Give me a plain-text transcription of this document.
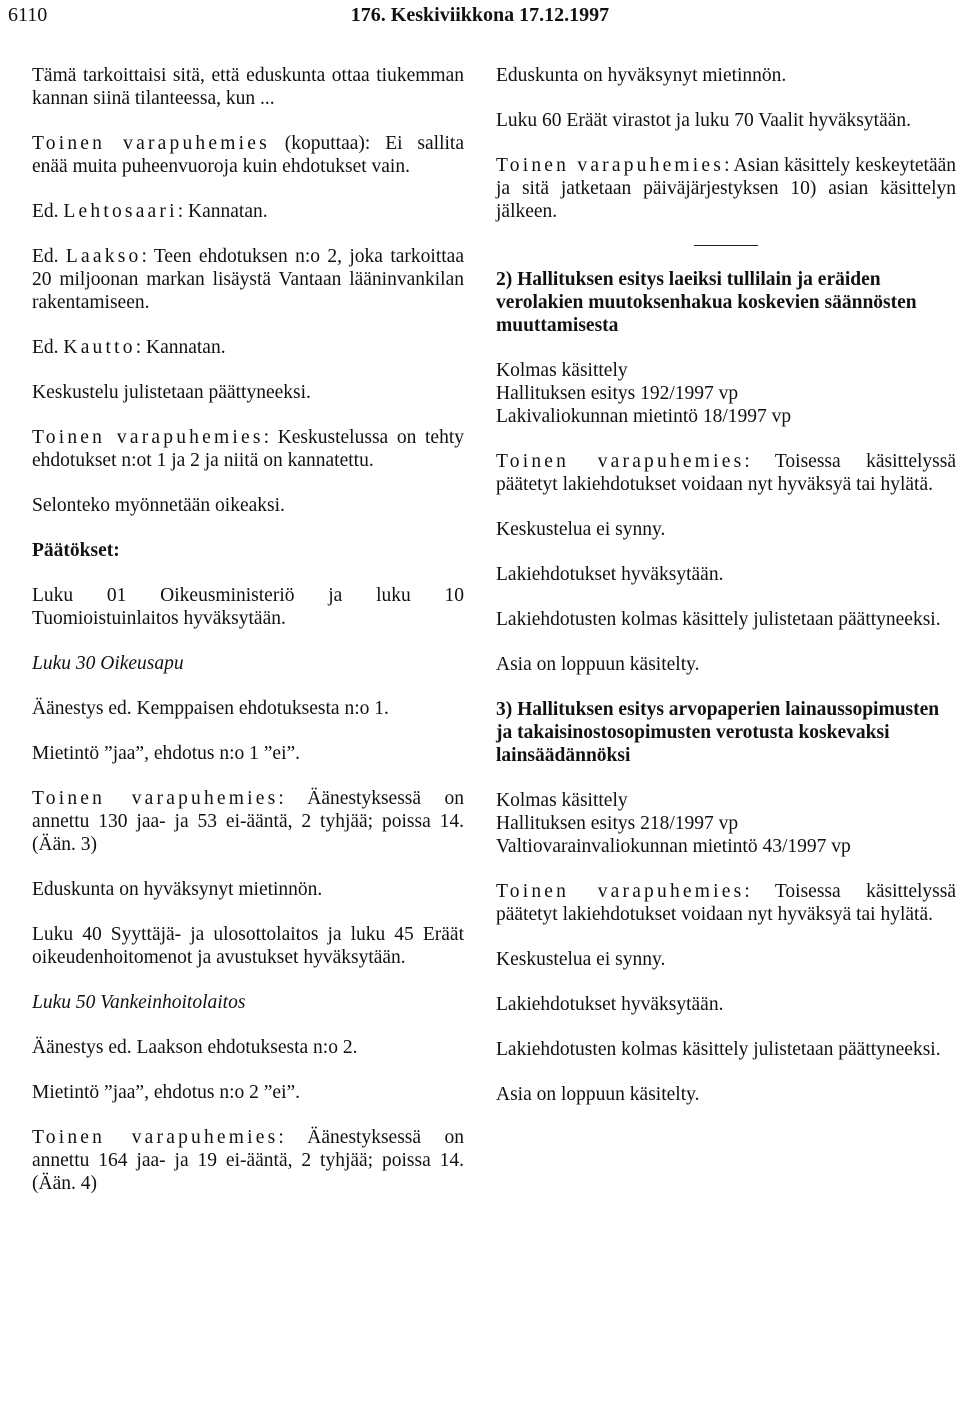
6110	176. Keskiviikkona 17.12.1997

Tämä tarkoittaisi sitä, että eduskunta ottaa tiukemman kannan siinä tilanteessa, kun ...

Toinen varapuhemies (koputtaa): Ei sallita enää muita puheenvuoroja kuin ehdotukset vain.

Ed. Lehtosaari: Kannatan.

Ed. Laakso: Teen ehdotuksen n:o 2, joka tarkoittaa 20 miljoonan markan lisäystä Vantaan lääninvankilan rakentamiseen.

Ed. Kautto: Kannatan.

Keskustelu julistetaan päättyneeksi.

Toinen varapuhemies: Keskustelussa on tehty ehdotukset n:ot 1 ja 2 ja niitä on kannatettu.

Selonteko myönnetään oikeaksi.

Päätökset:

Luku 01 Oikeusministeriö ja luku 10 Tuomioistuinlaitos hyväksytään.

Luku 30 Oikeusapu

Äänestys ed. Kemppaisen ehdotuksesta n:o 1.

Mietintö ”jaa”, ehdotus n:o 1 ”ei”.

Toinen varapuhemies: Äänestyksessä on annettu 130 jaa- ja 53 ei-ääntä, 2 tyhjää; poissa 14. (Ään. 3)

Eduskunta on hyväksynyt mietinnön.

Luku 40 Syyttäjä- ja ulosottolaitos ja luku 45 Eräät oikeudenhoitomenot ja avustukset hyväksytään.

Luku 50 Vankeinhoitolaitos

Äänestys ed. Laakson ehdotuksesta n:o 2.

Mietintö ”jaa”, ehdotus n:o 2 ”ei”.

Toinen varapuhemies: Äänestyksessä on annettu 164 jaa- ja 19 ei-ääntä, 2 tyhjää; poissa 14. (Ään. 4)

Eduskunta on hyväksynyt mietinnön.

Luku 60 Eräät virastot ja luku 70 Vaalit hyväksytään.

Toinen varapuhemies: Asian käsittely keskeytetään ja sitä jatketaan päiväjärjestyksen 10) asian käsittelyn jälkeen.

2) Hallituksen esitys laeiksi tullilain ja eräiden verolakien muutoksenhakua koskevien säännösten muuttamisesta
Kolmas käsittely
Hallituksen esitys 192/1997 vp
Lakivaliokunnan mietintö 18/1997 vp

Toinen varapuhemies: Toisessa käsittelyssä päätetyt lakiehdotukset voidaan nyt hyväksyä tai hylätä.

Keskustelua ei synny.

Lakiehdotukset hyväksytään.

Lakiehdotusten kolmas käsittely julistetaan päättyneeksi.

Asia on loppuun käsitelty.

3) Hallituksen esitys arvopaperien lainaussopimusten ja takaisinostosopimusten verotusta koskevaksi lainsäädännöksi
Kolmas käsittely
Hallituksen esitys 218/1997 vp
Valtiovarainvaliokunnan mietintö 43/1997 vp

Toinen varapuhemies: Toisessa käsittelyssä päätetyt lakiehdotukset voidaan nyt hyväksyä tai hylätä.

Keskustelua ei synny.

Lakiehdotukset hyväksytään.

Lakiehdotusten kolmas käsittely julistetaan päättyneeksi.

Asia on loppuun käsitelty.
